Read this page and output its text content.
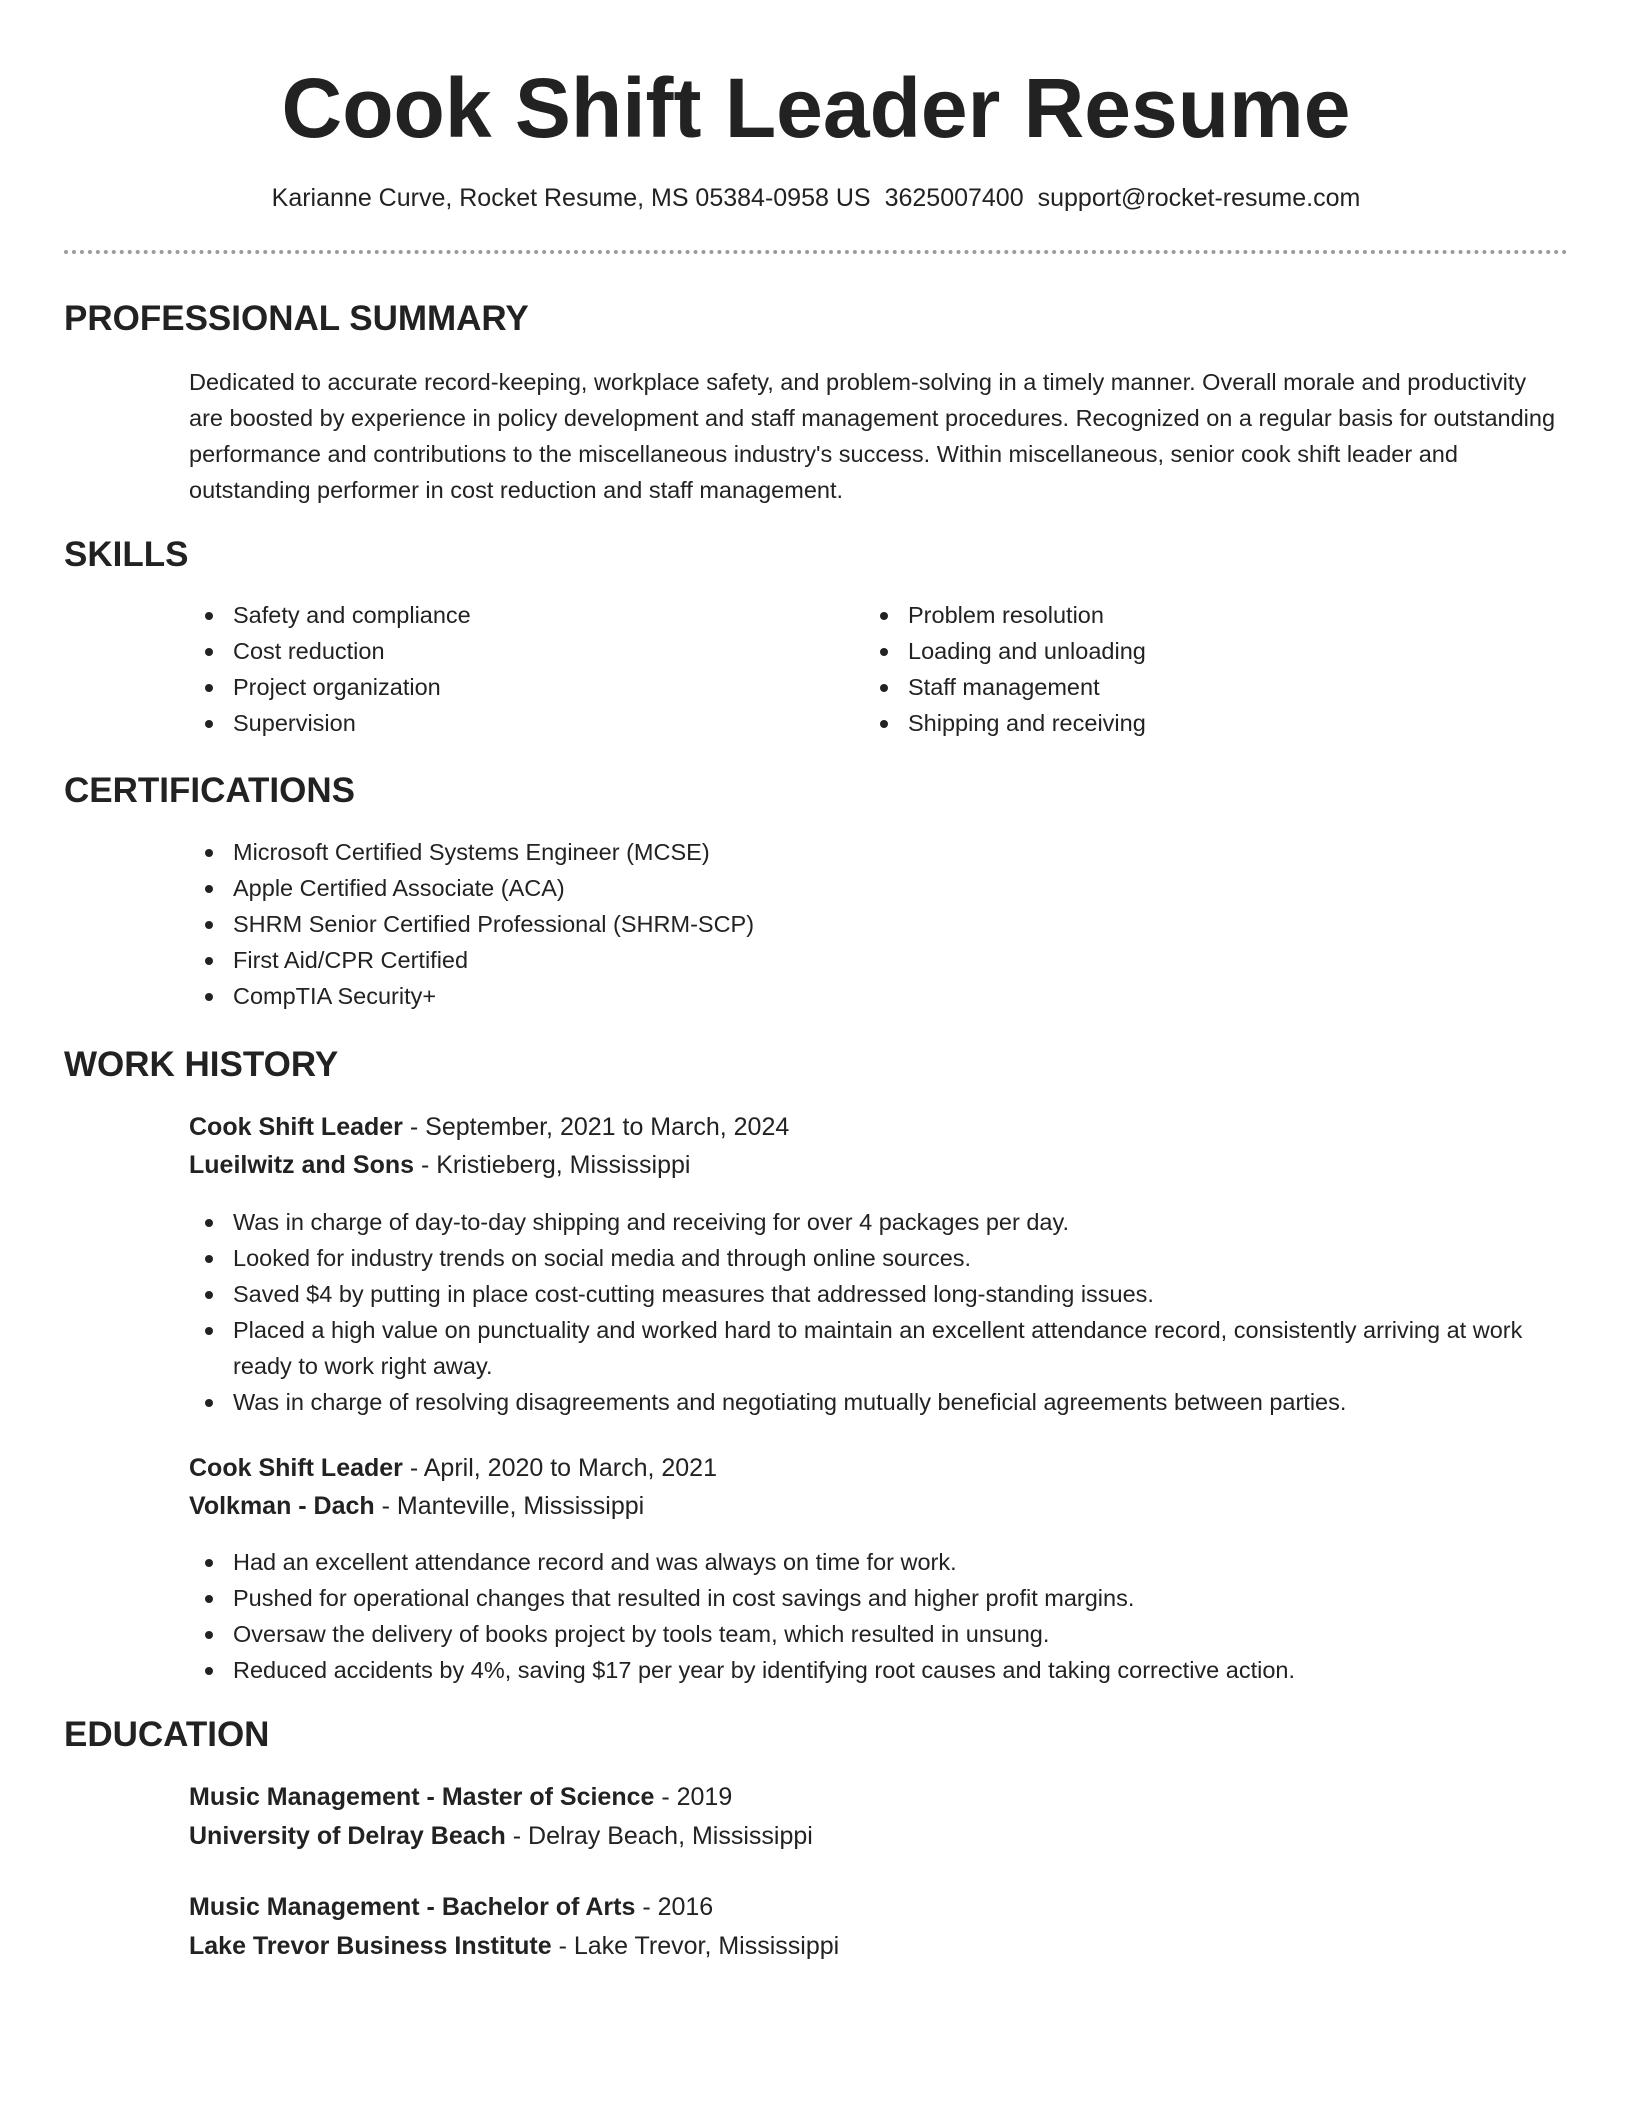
Cook Shift Leader Resume
Karianne Curve, Rocket Resume, MS 05384-0958 US 3625007400 support@rocket-resume.com
PROFESSIONAL SUMMARY

Dedicated to accurate record-keeping, workplace safety, and problem-solving in a timely manner. Overall morale and productivity are boosted by experience in policy development and staff management procedures. Recognized on a regular basis for outstanding performance and contributions to the miscellaneous industry's success. Within miscellaneous, senior cook shift leader and outstanding performer in cost reduction and staff management.

SKILLS
Safety and compliance
Cost reduction
Project organization
Supervision
Problem resolution
Loading and unloading
Staff management
Shipping and receiving
CERTIFICATIONS
Microsoft Certified Systems Engineer (MCSE)
Apple Certified Associate (ACA)
SHRM Senior Certified Professional (SHRM-SCP)
First Aid/CPR Certified
CompTIA Security+
WORK HISTORY
Cook Shift Leader - September, 2021 to March, 2024
Lueilwitz and Sons - Kristieberg, Mississippi
Was in charge of day-to-day shipping and receiving for over 4 packages per day.
Looked for industry trends on social media and through online sources.
Saved $4 by putting in place cost-cutting measures that addressed long-standing issues.
Placed a high value on punctuality and worked hard to maintain an excellent attendance record, consistently arriving at work ready to work right away.
Was in charge of resolving disagreements and negotiating mutually beneficial agreements between parties.
Cook Shift Leader - April, 2020 to March, 2021
Volkman - Dach - Manteville, Mississippi
Had an excellent attendance record and was always on time for work.
Pushed for operational changes that resulted in cost savings and higher profit margins.
Oversaw the delivery of books project by tools team, which resulted in unsung.
Reduced accidents by 4%, saving $17 per year by identifying root causes and taking corrective action.
EDUCATION
Music Management - Master of Science - 2019
University of Delray Beach - Delray Beach, Mississippi
Music Management - Bachelor of Arts - 2016
Lake Trevor Business Institute - Lake Trevor, Mississippi
